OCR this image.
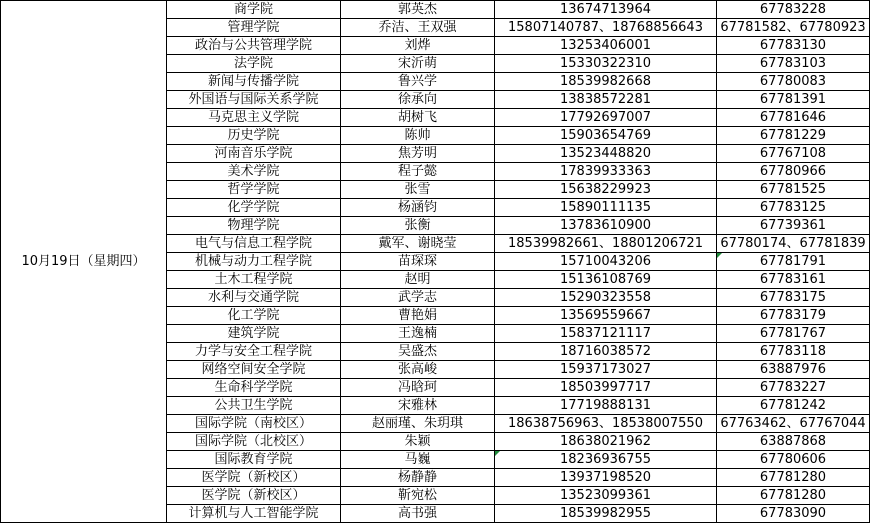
10月19日（星期四）	商学院	郭英杰	13674713964	67783228
	管理学院	乔洁、王双强	15807140787、18768856643	67781582、67780923
	政治与公共管理学院	刘烨	13253406001	67783130
	法学院	宋沂萌	15330322310	67783103
	新闻与传播学院	鲁兴学	18539982668	67780083
	外国语与国际关系学院	徐承向	13838572281	67781391
	马克思主义学院	胡树飞	17792697007	67781646
	历史学院	陈帅	15903654769	67781229
	河南音乐学院	焦芳明	13523448820	67767108
	美术学院	程子懿	17839933363	67780966
	哲学学院	张雪	15638229923	67781525
	化学学院	杨涵钧	15890111135	67783125
	物理学院	张衡	13783610900	67739361
	电气与信息工程学院	戴军、谢晓莹	18539982661、18801206721	67780174、67781839
	机械与动力工程学院	苗琛琛	15710043206	67781791
	土木工程学院	赵明	15136108769	67783161
	水利与交通学院	武学志	15290323558	67783175
	化工学院	曹艳娟	13569559667	67783179
	建筑学院	王逸楠	15837121117	67781767
	力学与安全工程学院	吴盛杰	18716038572	67783118
	网络空间安全学院	张高峻	15937173027	63887976
	生命科学学院	冯晗珂	18503997717	67783227
	公共卫生学院	宋雅林	17719888131	67781242
	国际学院（南校区）	赵丽瑾、朱玥琪	18638756963、18538007550	67763462、67767044
	国际学院（北校区）	朱颖	18638021962	63887868
	国际教育学院	马巍	18236936755	67780606
	医学院（新校区）	杨静静	13937198520	67781280
	医学院（新校区）	靳宛松	13523099361	67781280
	计算机与人工智能学院	高书强	18539982955	67783090
